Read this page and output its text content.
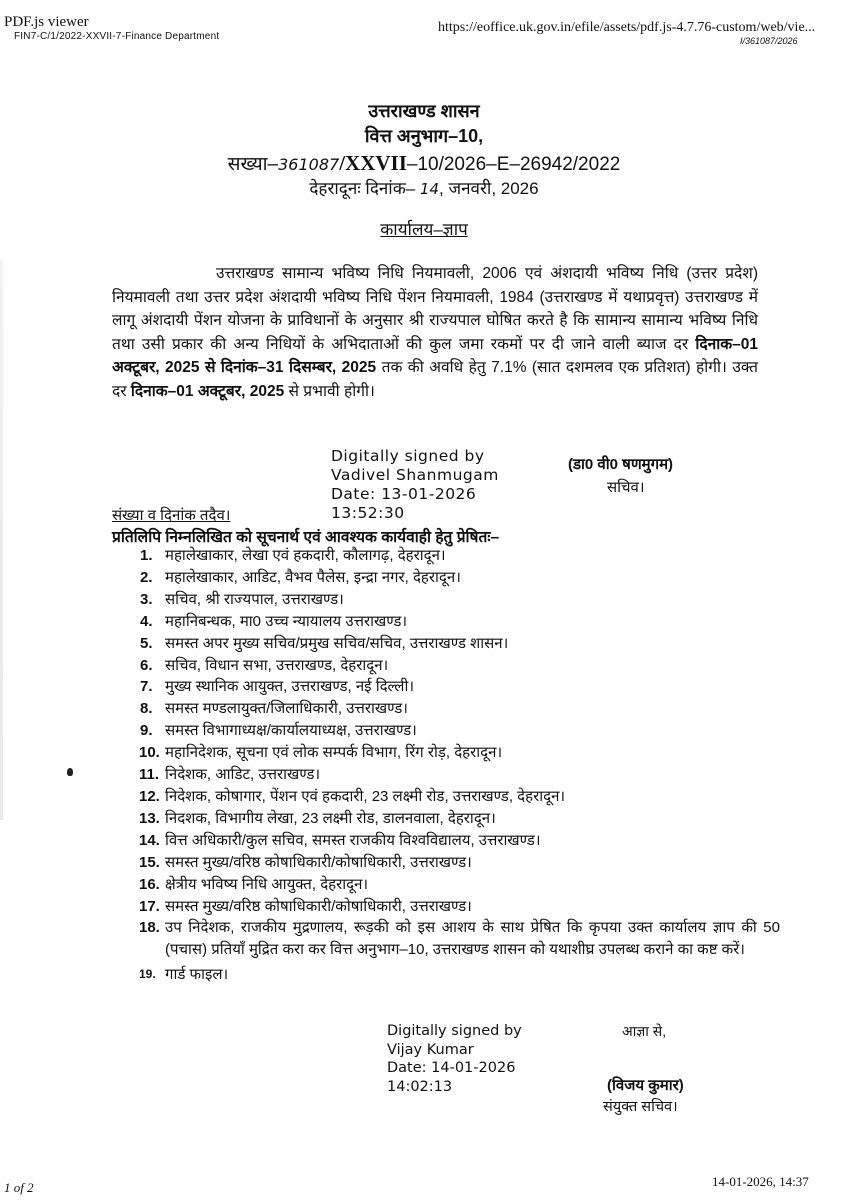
PDF.js viewer
FIN7-C/1/2022-XXVII-7-Finance Department
https://eoffice.uk.gov.in/efile/assets/pdf.js-4.7.76-custom/web/vie...
I/361087/2026
उत्तराखण्ड शासन
वित्त अनुभाग–10,
सख्या–361087/XXVII–10/2026–E–26942/2022
देहरादूनः दिनांक– 14, जनवरी, 2026
कार्यालय–ज्ञाप

उत्तराखण्ड सामान्य भविष्य निधि नियमावली, 2006 एवं अंशदायी भविष्य निधि (उत्तर प्रदेश) नियमावली तथा उत्तर प्रदेश अंशदायी भविष्य निधि पेंशन नियमावली, 1984 (उत्तराखण्ड में यथाप्रवृत्त) उत्तराखण्ड में लागू अंशदायी पेंशन योजना के प्राविधानों के अनुसार श्री राज्यपाल घोषित करते है कि सामान्य सामान्य भविष्य निधि तथा उसी प्रकार की अन्य निधियों के अभिदाताओं की कुल जमा रकमों पर दी जाने वाली ब्याज दर दिनाक–01 अक्टूबर, 2025 से दिनांक–31 दिसम्बर, 2025 तक की अवधि हेतु 7.1% (सात दशमलव एक प्रतिशत) होगी। उक्त दर दिनाक–01 अक्टूबर, 2025 से प्रभावी होगी।

Digitally signed by
Vadivel Shanmugam
Date: 13-01-2026
13:52:30
(डा0 वी0 षणमुगम)
सचिव।
संख्या व दिनांक तदैव।
प्रतिलिपि निम्नलिखित को सूचनार्थ एवं आवश्यक कार्यवाही हेतु प्रेषितः–
1. महालेखाकार, लेखा एवं हकदारी, कौलागढ़, देहरादून।
2. महालेखाकार, आडिट, वैभव पैलेस, इन्द्रा नगर, देहरादून।
3. सचिव, श्री राज्यपाल, उत्तराखण्ड।
4. महानिबन्धक, मा0 उच्च न्यायालय उत्तराखण्ड।
5. समस्त अपर मुख्य सचिव/प्रमुख सचिव/सचिव, उत्तराखण्ड शासन।
6. सचिव, विधान सभा, उत्तराखण्ड, देहरादून।
7. मुख्य स्थानिक आयुक्त, उत्तराखण्ड, नई दिल्ली।
8. समस्त मण्डलायुक्त/जिलाधिकारी, उत्तराखण्ड।
9. समस्त विभागाध्यक्ष/कार्यालयाध्यक्ष, उत्तराखण्ड।
10. महानिदेशक, सूचना एवं लोक सम्पर्क विभाग, रिंग रोड़, देहरादून।
11. निदेशक, आडिट, उत्तराखण्ड।
12. निदेशक, कोषागार, पेंशन एवं हकदारी, 23 लक्ष्मी रोड, उत्तराखण्ड, देहरादून।
13. निदशक, विभागीय लेखा, 23 लक्ष्मी रोड, डालनवाला, देहरादून।
14. वित्त अधिकारी/कुल सचिव, समस्त राजकीय विश्वविद्यालय, उत्तराखण्ड।
15. समस्त मुख्य/वरिष्ठ कोषाधिकारी/कोषाधिकारी, उत्तराखण्ड।
16. क्षेत्रीय भविष्य निधि आयुक्त, देहरादून।
17. समस्त मुख्य/वरिष्ठ कोषाधिकारी/कोषाधिकारी, उत्तराखण्ड।
18. उप निदेशक, राजकीय मुद्रणालय, रूड़की को इस आशय के साथ प्रेषित कि कृपया उक्त कार्यालय ज्ञाप की 50 (पचास) प्रतियॉं मुद्रित करा कर वित्त अनुभाग–10, उत्तराखण्ड शासन को यथाशीघ्र उपलब्ध कराने का कष्ट करें।
19. गार्ड फाइल।
Digitally signed by
Vijay Kumar
Date: 14-01-2026
14:02:13
आज्ञा से,
(विजय कुमार)
संयुक्त सचिव।
1 of 2	14-01-2026, 14:37
